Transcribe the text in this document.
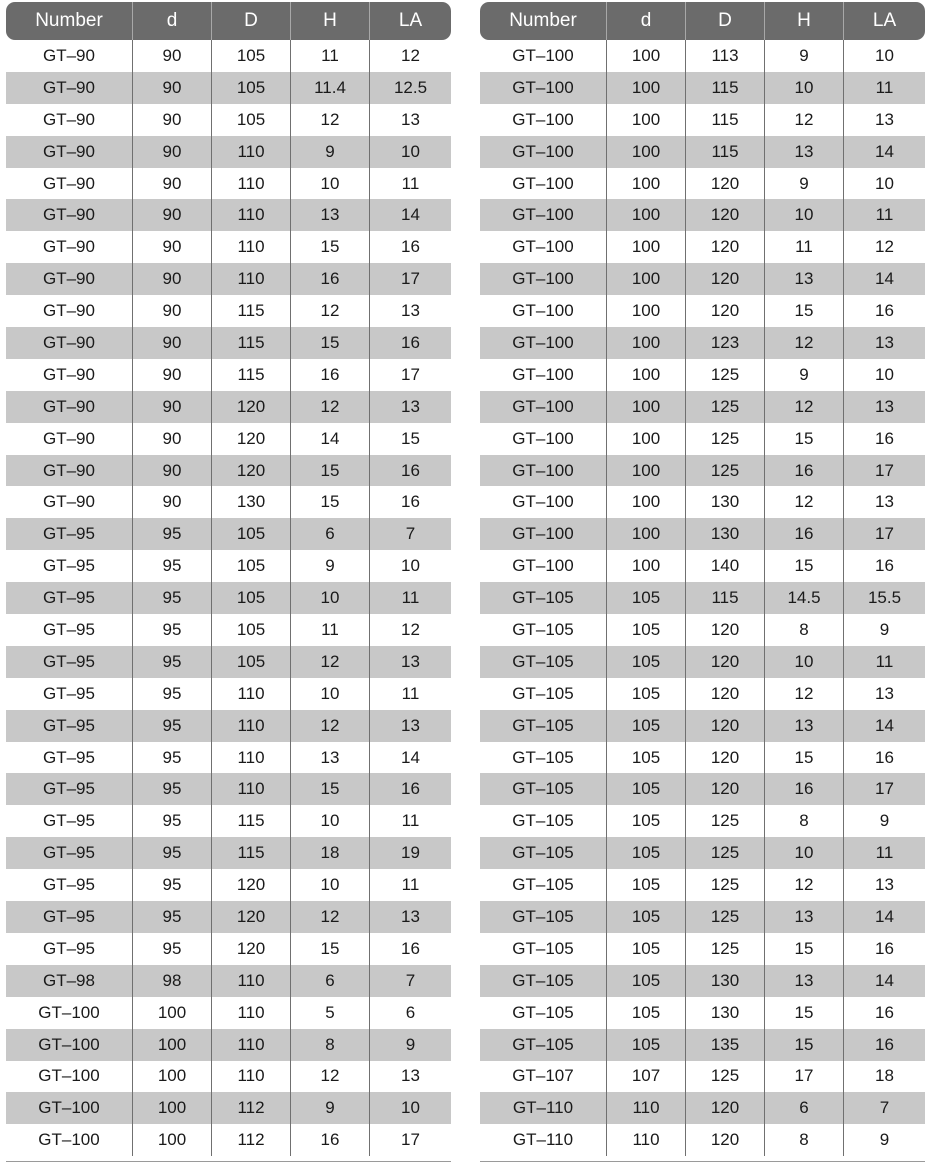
Number	d	D	H	LA
GT–90	90	105	11	12
GT–90	90	105	11.4	12.5
GT–90	90	105	12	13
GT–90	90	110	9	10
GT–90	90	110	10	11
GT–90	90	110	13	14
GT–90	90	110	15	16
GT–90	90	110	16	17
GT–90	90	115	12	13
GT–90	90	115	15	16
GT–90	90	115	16	17
GT–90	90	120	12	13
GT–90	90	120	14	15
GT–90	90	120	15	16
GT–90	90	130	15	16
GT–95	95	105	6	7
GT–95	95	105	9	10
GT–95	95	105	10	11
GT–95	95	105	11	12
GT–95	95	105	12	13
GT–95	95	110	10	11
GT–95	95	110	12	13
GT–95	95	110	13	14
GT–95	95	110	15	16
GT–95	95	115	10	11
GT–95	95	115	18	19
GT–95	95	120	10	11
GT–95	95	120	12	13
GT–95	95	120	15	16
GT–98	98	110	6	7
GT–100	100	110	5	6
GT–100	100	110	8	9
GT–100	100	110	12	13
GT–100	100	112	9	10
GT–100	100	112	16	17
Number	d	D	H	LA
GT–100	100	113	9	10
GT–100	100	115	10	11
GT–100	100	115	12	13
GT–100	100	115	13	14
GT–100	100	120	9	10
GT–100	100	120	10	11
GT–100	100	120	11	12
GT–100	100	120	13	14
GT–100	100	120	15	16
GT–100	100	123	12	13
GT–100	100	125	9	10
GT–100	100	125	12	13
GT–100	100	125	15	16
GT–100	100	125	16	17
GT–100	100	130	12	13
GT–100	100	130	16	17
GT–100	100	140	15	16
GT–105	105	115	14.5	15.5
GT–105	105	120	8	9
GT–105	105	120	10	11
GT–105	105	120	12	13
GT–105	105	120	13	14
GT–105	105	120	15	16
GT–105	105	120	16	17
GT–105	105	125	8	9
GT–105	105	125	10	11
GT–105	105	125	12	13
GT–105	105	125	13	14
GT–105	105	125	15	16
GT–105	105	130	13	14
GT–105	105	130	15	16
GT–105	105	135	15	16
GT–107	107	125	17	18
GT–110	110	120	6	7
GT–110	110	120	8	9
